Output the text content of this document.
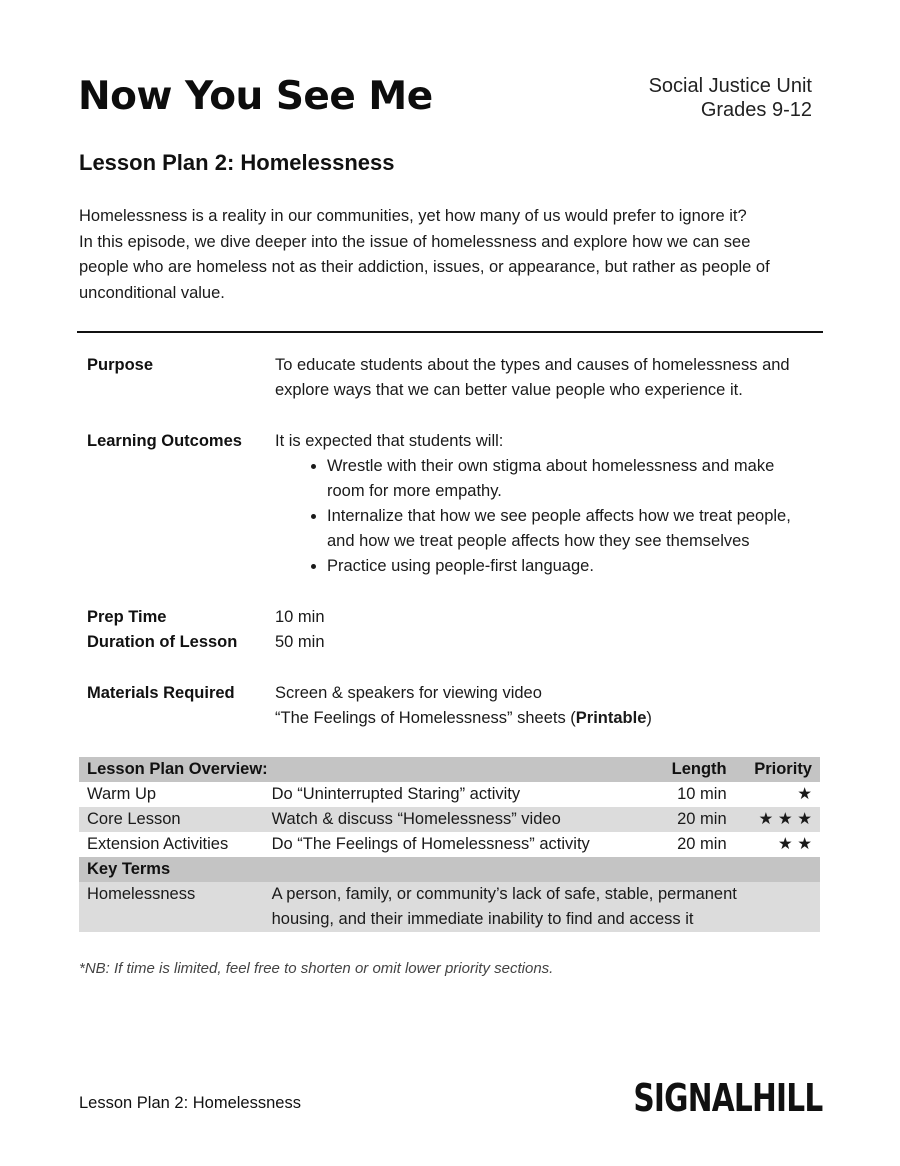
Now You See Me	Social Justice Unit
Grades 9-12
Lesson Plan 2: Homelessness

Homelessness is a reality in our communities, yet how many of us would prefer to ignore it?

In this episode, we dive deeper into the issue of homelessness and explore how we can see people who are homeless not as their addiction, issues, or appearance, but rather as people of unconditional value.

Purpose	To educate students about the types and causes of homelessness and explore ways that we can better value people who experience it.
Learning Outcomes It is expected that students will:

• Wrestle with their own stigma about homelessness and make room for more empathy.
• Internalize that how we see people affects how we treat people, and how we treat people affects how they see themselves
• Practice using people-first language.
Prep Time	10 min
Duration of Lesson 50 min
Materials Required Screen & speakers for viewing video

“The Feelings of Homelessness” sheets (Printable)

Lesson Plan Overview:		Length	Priority
Warm Up	Do “Uninterrupted Staring” activity	10 min	★
Core Lesson	Watch & discuss “Homelessness” video	20 min	★ ★ ★
Extension Activities	Do “The Feelings of Homelessness” activity	20 min	★ ★
Key Terms			
Homelessness	A person, family, or community’s lack of safe, stable, permanent housing, and their immediate inability to find and access it		
*NB: If time is limited, feel free to shorten or omit lower priority sections.
Lesson Plan 2: Homelessness	SIGNALHILL
